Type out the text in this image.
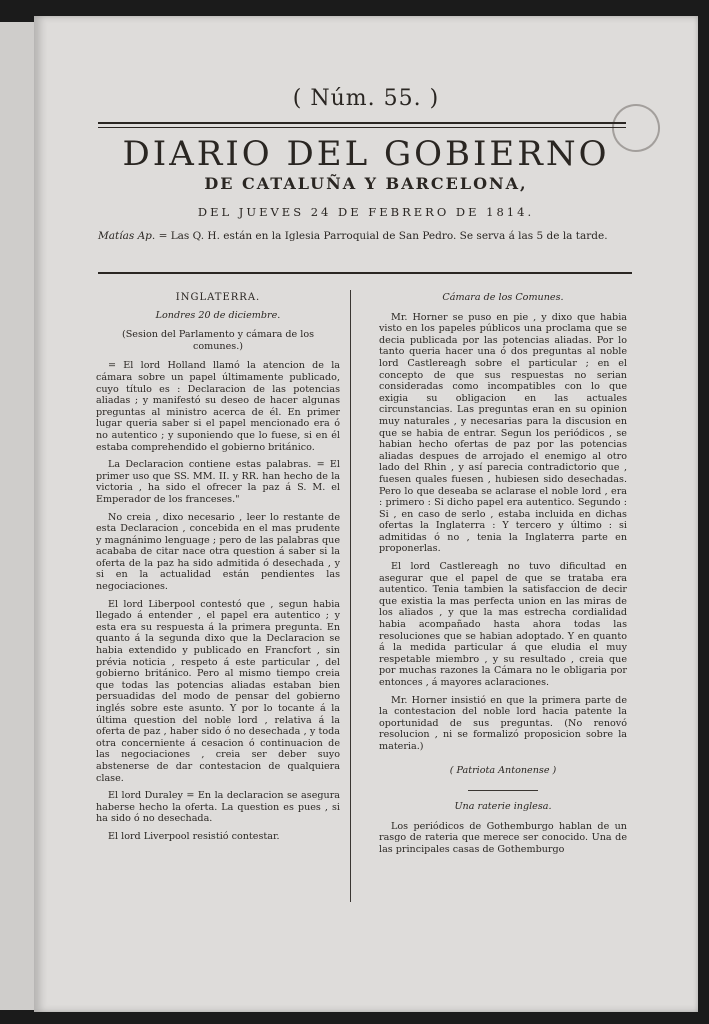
( Núm. 55. )
DIARIO DEL GOBIERNO
DE CATALUÑA Y BARCELONA,
DEL JUEVES 24 DE FEBRERO DE 1814.
Matías Ap. = Las Q. H. están en la Iglesia Parroquial de San Pedro. Se serva á las 5 de la tarde.

INGLATERRA.

Londres 20 de diciembre.

(Sesion del Parlamento y cámara de los comunes.)

= El lord Holland llamó la atencion de la cámara sobre un papel últimamente publicado, cuyo título es : Declaracion de las potencias aliadas ; y manifestó su deseo de hacer algunas preguntas al ministro acerca de él. En primer lugar queria saber si el papel mencionado era ó no autentico ; y suponiendo que lo fuese, si en él estaba comprehendido el gobierno británico.

La Declaracion contiene estas palabras. = El primer uso que SS. MM. II. y RR. han hecho de la victoria , ha sido el ofrecer la paz á S. M. el Emperador de los franceses."

No creia , dixo necesario , leer lo restante de esta Declaracion , concebida en el mas prudente y magnánimo lenguage ; pero de las palabras que acababa de citar nace otra question á saber si la oferta de la paz ha sido admitida ó desechada , y si en la actualidad están pendientes las negociaciones.

El lord Liberpool contestó que , segun habia llegado á entender , el papel era autentico ; y esta era su respuesta á la primera pregunta. En quanto á la segunda dixo que la Declaracion se habia extendido y publicado en Francfort , sin prévia noticia , respeto á este particular , del gobierno británico. Pero al mismo tiempo creia que todas las potencias aliadas estaban bien persuadidas del modo de pensar del gobierno inglés sobre este asunto. Y por lo tocante á la última question del noble lord , relativa á la oferta de paz , haber sido ó no desechada , y toda otra concerniente á cesacion ó continuacion de las negociaciones , creia ser deber suyo abstenerse de dar contestacion de qualquiera clase.

El lord Duraley = En la declaracion se asegura haberse hecho la oferta. La question es pues , si ha sido ó no desechada.

El lord Liverpool resistió contestar.

Cámara de los Comunes.

Mr. Horner se puso en pie , y dixo que habia visto en los papeles públicos una proclama que se decia publicada por las potencias aliadas. Por lo tanto queria hacer una ó dos preguntas al noble lord Castlereagh sobre el particular ; en el concepto de que sus respuestas no serian consideradas como incompatibles con lo que exigia su obligacion en las actuales circunstancias. Las preguntas eran en su opinion muy naturales , y necesarias para la discusion en que se habia de entrar. Segun los periódicos , se habian hecho ofertas de paz por las potencias aliadas despues de arrojado el enemigo al otro lado del Rhin , y así parecia contradictorio que , fuesen quales fuesen , hubiesen sido desechadas. Pero lo que deseaba se aclarase el noble lord , era : primero : Si dicho papel era autentico. Segundo : Si , en caso de serlo , estaba incluida en dichas ofertas la Inglaterra : Y tercero y último : si admitidas ó no , tenia la Inglaterra parte en proponerlas.

El lord Castlereagh no tuvo dificultad en asegurar que el papel de que se trataba era autentico. Tenia tambien la satisfaccion de decir que existia la mas perfecta union en las miras de los aliados , y que la mas estrecha cordialidad habia acompañado hasta ahora todas las resoluciones que se habian adoptado. Y en quanto á la medida particular á que eludia el muy respetable miembro , y su resultado , creia que por muchas razones la Cámara no le obligaria por entonces , á mayores aclaraciones.

Mr. Horner insistió en que la primera parte de la contestacion del noble lord hacia patente la oportunidad de sus preguntas. (No renovó resolucion , ni se formalizó proposicion sobre la materia.)

( Patriota Antonense )

Una raterie inglesa.

Los periódicos de Gothemburgo hablan de un rasgo de rateria que merece ser conocido. Una de las principales casas de Gothemburgo
